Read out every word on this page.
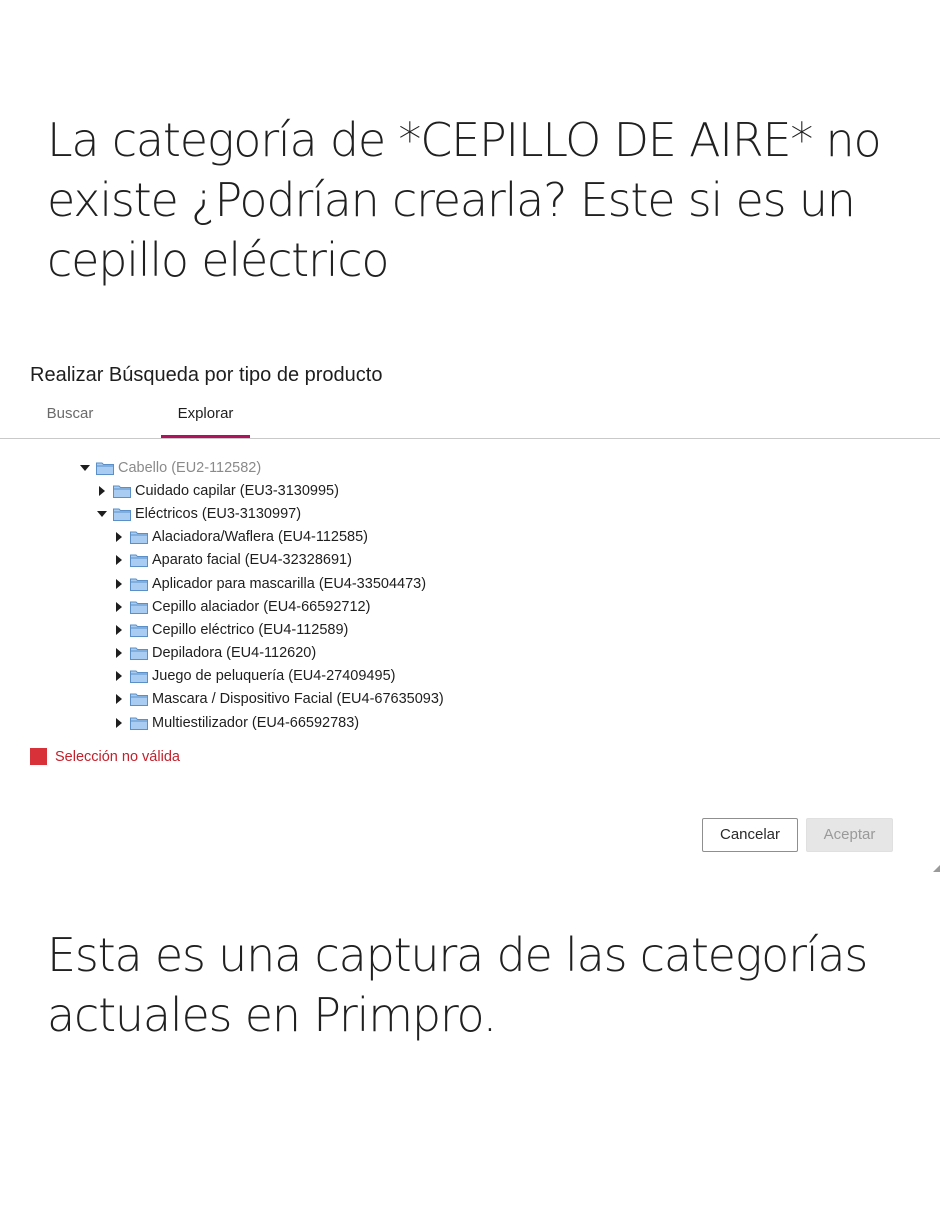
La categoría de *CEPILLO DE AIRE* no existe ¿Podrían crearla? Este si es un cepillo eléctrico
Realizar Búsqueda por tipo de producto
Buscar	Explorar
Cabello (EU2-112582)
Cuidado capilar (EU3-3130995)
Eléctricos (EU3-3130997)
Alaciadora/Waflera (EU4-112585)
Aparato facial (EU4-32328691)
Aplicador para mascarilla (EU4-33504473)
Cepillo alaciador (EU4-66592712)
Cepillo eléctrico (EU4-112589)
Depiladora (EU4-112620)
Juego de peluquería (EU4-27409495)
Mascara / Dispositivo Facial (EU4-67635093)
Multiestilizador (EU4-66592783)
Selección no válida
Cancelar	Aceptar
Esta es una captura de las categorías actuales en Primpro.
